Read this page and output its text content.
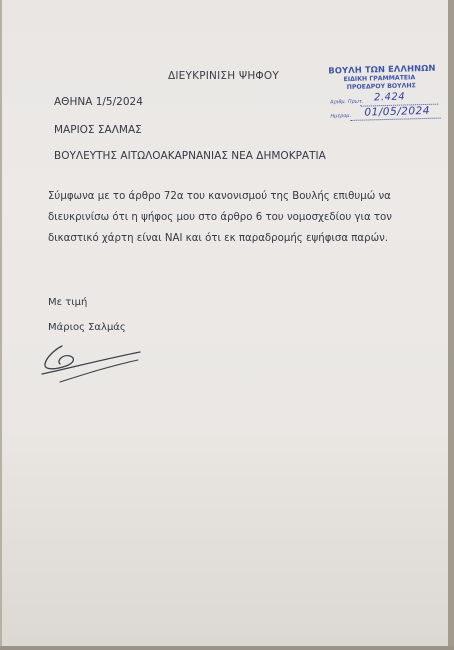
ΒΟΥΛΗ ΤΩΝ ΕΛΛΗΝΩΝ
ΕΙΔΙΚΗ ΓΡΑΜΜΑΤΕΙΑ
ΠΡΟΕΔΡΟΥ ΒΟΥΛΗΣ
Αριθμ. Πρωτ. 2.424
Ημερομ. 01/05/2024
ΔΙΕΥΚΡΙΝΙΣΗ ΨΗΦΟΥ
ΑΘΗΝΑ 1/5/2024
ΜΑΡΙΟΣ ΣΑΛΜΑΣ
ΒΟΥΛΕΥΤΗΣ ΑΙΤΩΛΟΑΚΑΡΝΑΝΙΑΣ ΝΕΑ ΔΗΜΟΚΡΑΤΙΑ

Σύμφωνα με το άρθρο 72α του κανονισμού της Βουλής επιθυμώ να διευκρινίσω ότι η ψήφος μου στο άρθρο 6 του νομοσχεδίου για τον δικαστικό χάρτη είναι ΝΑΙ και ότι εκ παραδρομής εψήφισα παρών.

Με τιμή
Μάριος Σαλμάς
